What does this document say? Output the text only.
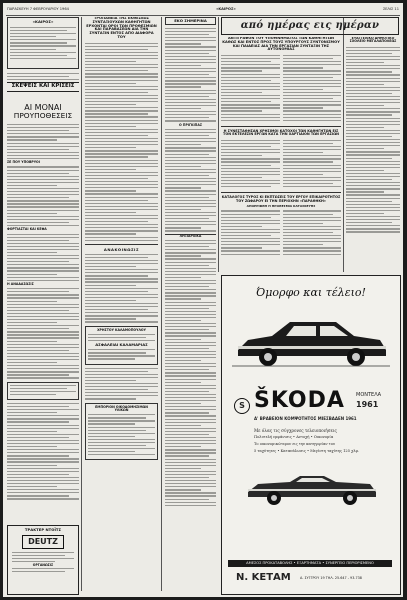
ΠΑΡΑΣΚΕΥΗ 7 ΦΕΒΡΟΥΑΡΙΟΥ 1964	«ΚΑΙΡΟΣ»	ΣΕΛΙΣ 11
«ΚΑΙΡΟΣ»
ΣΚΕΨΕΙΣ ΚΑΙ ΚΡΙΣΕΙΣ
ΑΙ ΜΟΝΑΙ
ΠΡΟΥΠΟΘΕΣΕΙΣ
ΣΕ ΠΟΥ ΥΠΟΒΡΥΟΙ
ΦΟΡΤΙΑΣΤΑΙ ΚΑΙ ΚΕΦΑ
Η ΑΝΑΔΑΣΩΣΙΣ
ΤΡΑΚΤΕΡ ΝΤΟΪΤΣ
DEUTZ
ΟΡΓΑΝΩΣΙΣ
ΤΡΟΠΑΝΕΙΑ ΤΗΣ ΕΚΘΕΣΕΩΣ ΣΥΝΤΑΞΙΟΥΧΩΝ ΚΑΘΗΓΗΤΩΝ ΕΡΧΟΝΤΑΙ ΟΡΟΙ ΤΩΝ ΠΡΟΘΕΣΜΙΩΝ ΚΑΙ ΠΑΡΑΒΑΣΕΩΝ ΔΙΑ ΤΗΝ ΣΥΝΤΑΞΙΝ ΕΝΤΟΣ ΑΠΟ ΔΙΑΦΟΡΑ ΤΟΥ
ΑΝΑΚΟΙΝΩΣΙΣ
ΧΡΗΣΤΟΥ ΚΑΛΑΜΟΠΟΥΛΟΥ
ΑΣΦΑΛΕΙΑΙ ΚΑΛΑΜΑΡΙΑΣ
ΕΜΠΟΡΙΟΝ ΟΙΚΟΔΟΜΗΣΙΜΩΝ ΥΛΙΚΩΝ
ΕΚΟ ΣΗΜΕΡΙΝΑ
Ο ΠΡΙΓΚΙΠΑΣ
ΛΗΞΙΑΡΧΙΚΑ
από ημέρας εις ημέραν
ΑΝΤΙΓΡΑΦΟΝ ΤΟΥ ΥΠΟΜΝΗΜΑΤΟΣ ΤΩΝ ΚΑΘΗΓΗΤΩΝ ΚΑΘΩΣ ΚΑΙ ΕΝΤΟΣ ΠΡΟΣ ΤΟΥΣ ΥΠΟΥΡΓΟΥΣ ΣΥΝΤΟΝΙΣΜΟΥ ΚΑΙ ΠΑΙΔΕΙΑΣ ΔΙΑ ΤΗΝ ΕΡΓΑΣΙΑΝ ΣΥΝΤΑΞΙΝ ΤΗΣ ΑΥΤΟΝΟΜΙΑΣ
Η ΣΥΝΕΣΤΑΘΗΣΑΝ ΧΡΗΣΙΜΟΙ ΚΑΤΟΧΟΙ ΤΩΝ ΚΑΘΗΓΗΤΩΝ ΕΙΣ ΤΟΝ ΕΚΤΕΛΕΣΙΝ ΕΡΓΩΝ ΚΑΤΑ ΤΗΝ ΧΑΡΤΙΔΙΟΝ ΤΩΝ ΕΡΓΑΣΙΩΝ
ΚΑΤΑΛΟΓΟΣ ΤΥΡΟΣ ΚΙ ΕΚΠΤΩΣΕΙΣ ΤΟΥ ΕΡΓΟΥ ΕΠΙΚΑΙΡΟΤΗΤΟΣ ΤΟΥ ΖΩΦΑΡΟΥ ΕΙ ΤΗΝ ΠΕΡΙΟΧΗΝ «ΠΑΡΑΘΗΚΗ»
ΑΠΟΡΡΙΦΘΗ Η ΠΡΟΘΕΣΜΙΑ ΚΑΤΑΣΚΕΥΗΣ
ΕΥΑΓΓΕΛΙΚΟ ΔΗΜΟΤΙΚΟ ΣΧΟΛΕΙΟ ΜΕΓΑΛΑΠΟΛΕΩΣ
Όμορφο και τέλειο!
S ŠKODA ΜΟΝΤΕΛΑ
1961
Α' ΒΡΑΒΕΙΟΝ ΚΟΜΨΟΤΗΤΟΣ ΜΙΕΣΒΑΔΕΝ 1961
Με όλας τις σύγχρονες τελειοποιήσεις
Πολυτελή εμφάνισις • Αντοχή • Οικονομία
Το οικονομικώτερον εις την κατηγορίαν του
5 ταχύτητες • Κατανάλωσις • Μεγίστη ταχύτης 125 χλμ.
ΑΜΕΣΟΣ ΠΡΟΚΑΤΑΒΟΛΗΣ • ΕΞΑΡΤΗΜΑΤΑ • ΣΥΝΕΡΓΕΙΟ ΠΕΡΙΟΡΙΣΜΕΝΟ
Ν. ΚΕΤΑΜ	Α. ΣΥΓΓΡΟΥ 19 ΤΗΛ. 25.647 - 93.738
